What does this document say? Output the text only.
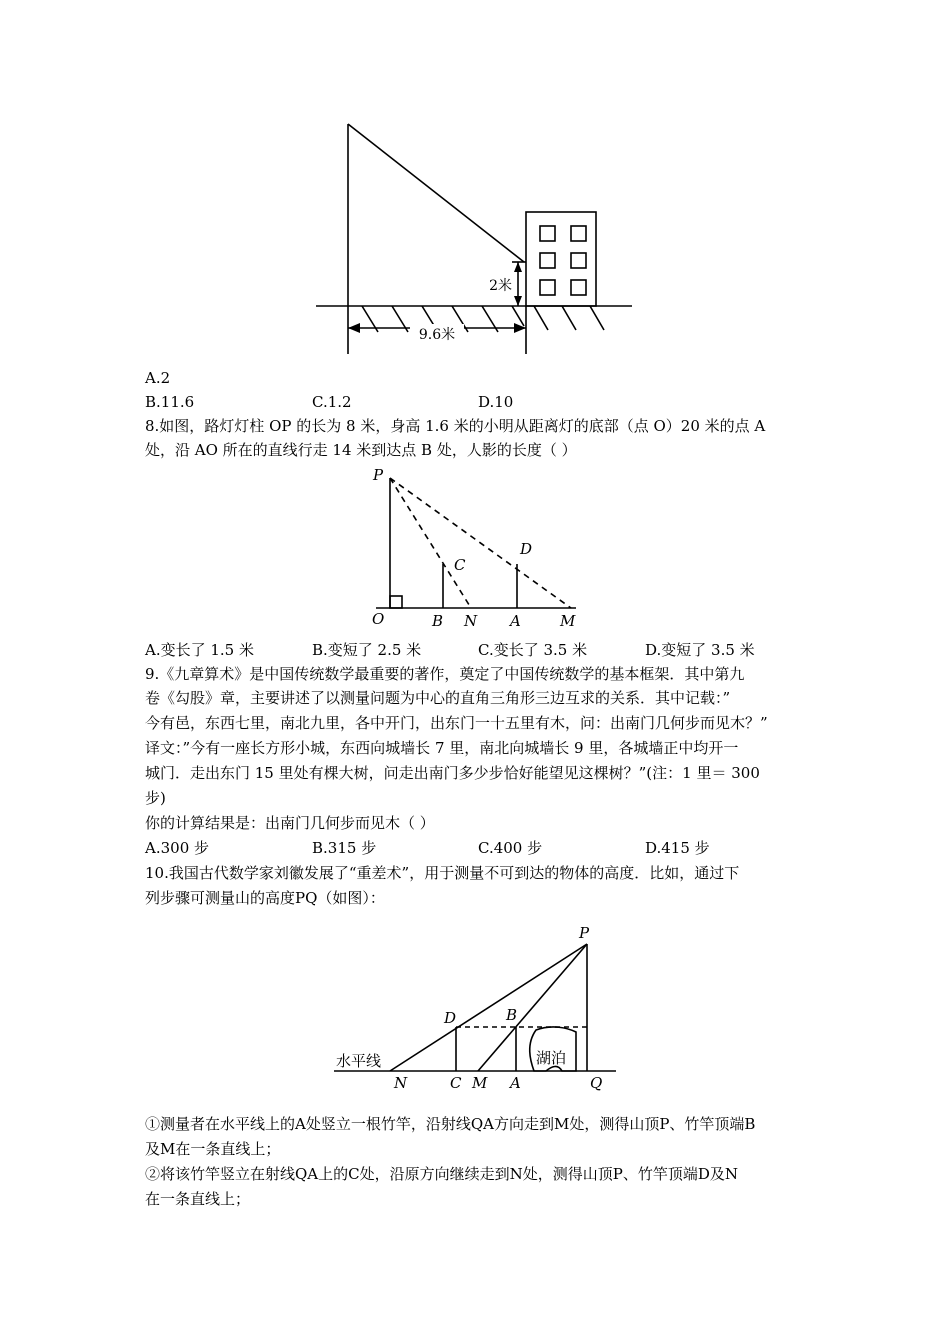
9.6米
2米
A.2
B.11.6	C.1.2	D.10
8.如图，路灯灯柱 OP 的长为 8 米，身高 1.6 米的小明从距离灯的底部（点 O）20 米的点 A
处，沿 AO 所在的直线行走 14 米到达点 B 处，人影的长度（ ）
P
C
D
O	B N A	M
A.变长了 1.5 米	B.变短了 2.5 米	C.变长了 3.5 米	D.变短了 3.5 米
9.《九章算术》是中国传统数学最重要的著作，奠定了中国传统数学的基本框架．其中第九
卷《勾股》章，主要讲述了以测量问题为中心的直角三角形三边互求的关系．其中记载：”
今有邑，东西七里，南北九里，各中开门，出东门一十五里有木，问：出南门几何步而见木？”
译文：”今有一座长方形小城，东西向城墙长 7 里，南北向城墙长 9 里，各城墙正中均开一
城门．走出东门 15 里处有棵大树，问走出南门多少步恰好能望见这棵树？”(注：1 里＝ 300
步)
你的计算结果是：出南门几何步而见木（ ）
A.300 步	B.315 步	C.400 步	D.415 步
10.我国古代数学家刘徽发展了“重差术”，用于测量不可到达的物体的高度．比如，通过下
列步骤可测量山的高度PQ（如图）：
P
D	B
N	C M A	Q
水平线	湖泊
①测量者在水平线上的A处竖立一根竹竿，沿射线QA方向走到M处，测得山顶P、竹竿顶端B
及M在一条直线上；
②将该竹竿竖立在射线QA上的C处，沿原方向继续走到N处，测得山顶P、竹竿顶端D及N
在一条直线上；
